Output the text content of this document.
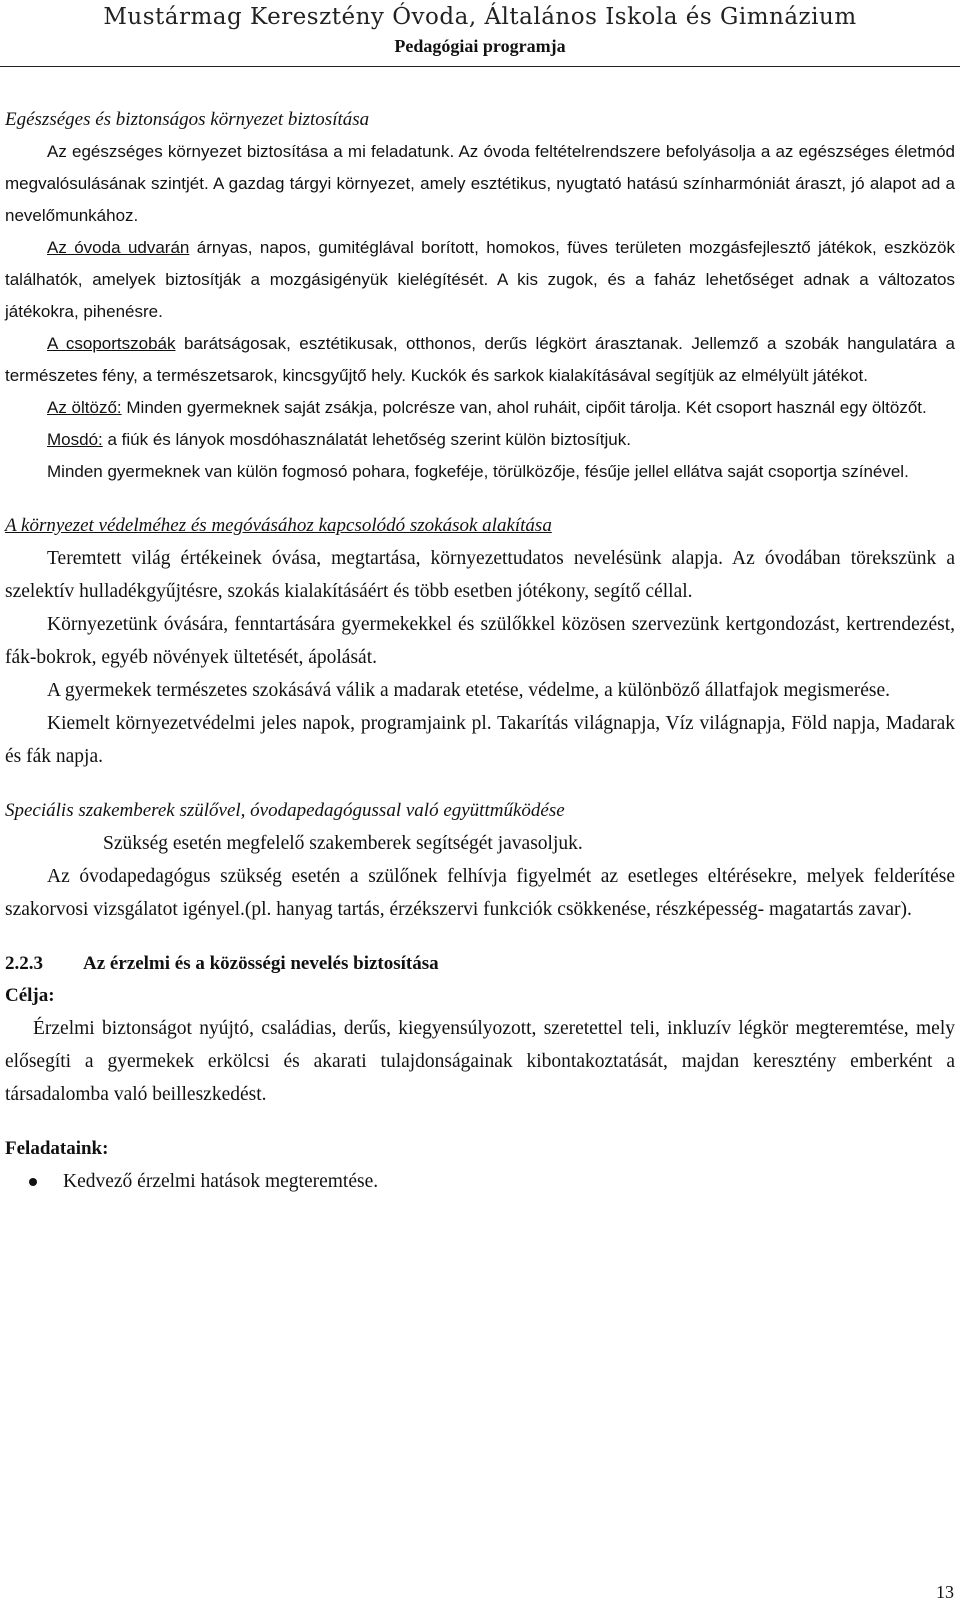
Mustármag Keresztény Óvoda, Általános Iskola és Gimnázium
Pedagógiai programja

Egészséges és biztonságos környezet biztosítása

Az egészséges környezet biztosítása a mi feladatunk. Az óvoda feltételrendszere befolyásolja a az egészséges életmód megvalósulásának szintjét. A gazdag tárgyi környezet, amely esztétikus, nyugtató hatású színharmóniát áraszt, jó alapot ad a nevelőmunkához.

Az óvoda udvarán árnyas, napos, gumitéglával borított, homokos, füves területen mozgásfejlesztő játékok, eszközök találhatók, amelyek biztosítják a mozgásigényük kielégítését. A kis zugok, és a faház lehetőséget adnak a változatos játékokra, pihenésre.

A csoportszobák barátságosak, esztétikusak, otthonos, derűs légkört árasztanak. Jellemző a szobák hangulatára a természetes fény, a természetsarok, kincsgyűjtő hely. Kuckók és sarkok kialakításával segítjük az elmélyült játékot.

Az öltöző: Minden gyermeknek saját zsákja, polcrésze van, ahol ruháit, cipőit tárolja. Két csoport használ egy öltözőt.

Mosdó: a fiúk és lányok mosdóhasználatát lehetőség szerint külön biztosítjuk.

Minden gyermeknek van külön fogmosó pohara, fogkeféje, törülközője, fésűje jellel ellátva saját csoportja színével.

A környezet védelméhez és megóvásához kapcsolódó szokások alakítása

Teremtett világ értékeinek óvása, megtartása, környezettudatos nevelésünk alapja. Az óvodában törekszünk a szelektív hulladékgyűjtésre, szokás kialakításáért és több esetben jótékony, segítő céllal.

Környezetünk óvására, fenntartására gyermekekkel és szülőkkel közösen szervezünk kertgondozást, kertrendezést, fák-bokrok, egyéb növények ültetését, ápolását.

A gyermekek természetes szokásává válik a madarak etetése, védelme, a különböző állatfajok megismerése.

Kiemelt környezetvédelmi jeles napok, programjaink pl. Takarítás világnapja, Víz világnapja, Föld napja, Madarak és fák napja.

Speciális szakemberek szülővel, óvodapedagógussal való együttműködése

Szükség esetén megfelelő szakemberek segítségét javasoljuk.

Az óvodapedagógus szükség esetén a szülőnek felhívja figyelmét az esetleges eltérésekre, melyek felderítése szakorvosi vizsgálatot igényel.(pl. hanyag tartás, érzékszervi funkciók csökkenése, részképesség- magatartás zavar).

2.2.3 Az érzelmi és a közösségi nevelés biztosítása

Célja:

Érzelmi biztonságot nyújtó, családias, derűs, kiegyensúlyozott, szeretettel teli, inkluzív légkör megteremtése, mely elősegíti a gyermekek erkölcsi és akarati tulajdonságainak kibontakoztatását, majdan keresztény emberként a társadalomba való beilleszkedést.

Feladataink:

Kedvező érzelmi hatások megteremtése.
13
